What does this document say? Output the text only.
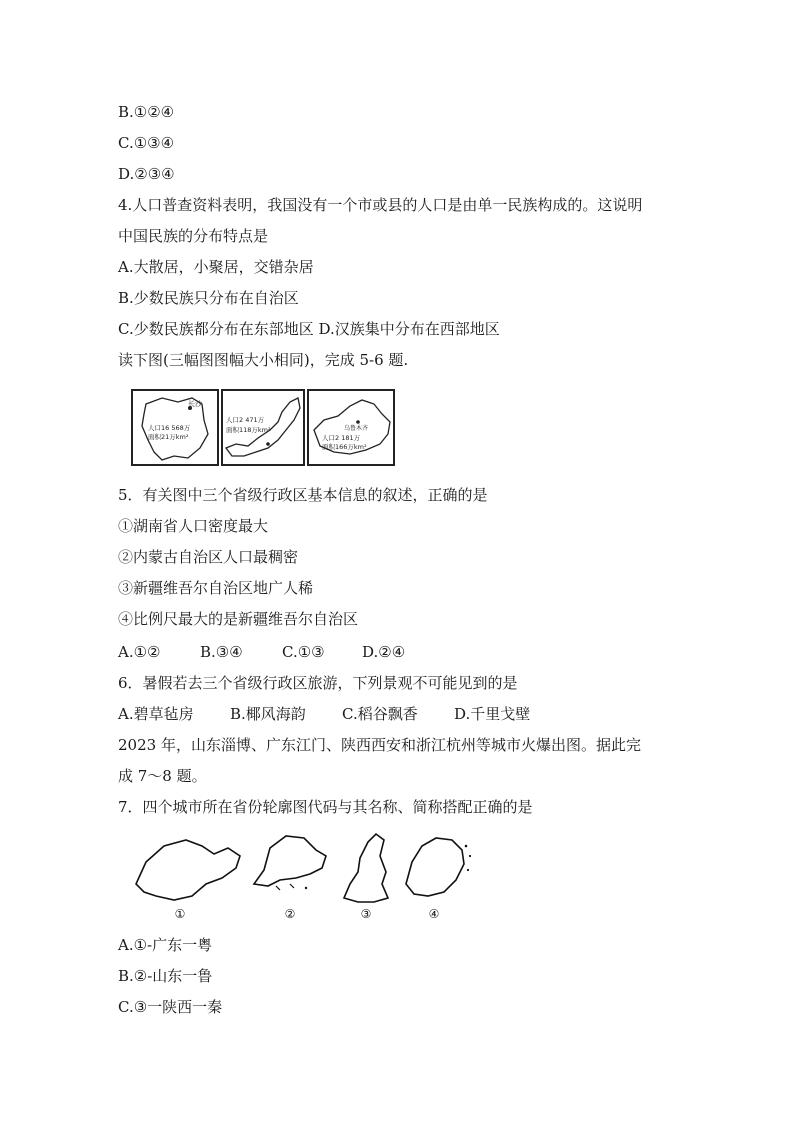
B.①②④
C.①③④
D.②③④
4.人口普查资料表明，我国没有一个市或县的人口是由单一民族构成的。这说明
中国民族的分布特点是
A.大散居，小聚居，交错杂居
B.少数民族只分布在自治区
C.少数民族都分布在东部地区 D.汉族集中分布在西部地区
读下图(三幅图图幅大小相同)，完成 5-6 题.
长沙
人口16 568万
面积21万km²
人口2 471万
面积118万km²	乌鲁木齐
人口2 181万
面积166万km²
5．有关图中三个省级行政区基本信息的叙述，正确的是
①湖南省人口密度最大
②内蒙古自治区人口最稠密
③新疆维吾尔自治区地广人稀
④比例尺最大的是新疆维吾尔自治区
A.①②	B.③④	C.①③	D.②④
6．暑假若去三个省级行政区旅游，下列景观不可能见到的是
A.碧草毡房	B.椰风海韵	C.稻谷飘香	D.千里戈壁
2023 年，山东淄博、广东江门、陕西西安和浙江杭州等城市火爆出图。据此完
成 7～8 题。
7．四个城市所在省份轮廓图代码与其名称、简称搭配正确的是
①	②	③	④
A.①-广东一粤
B.②-山东一鲁
C.③一陕西一秦
